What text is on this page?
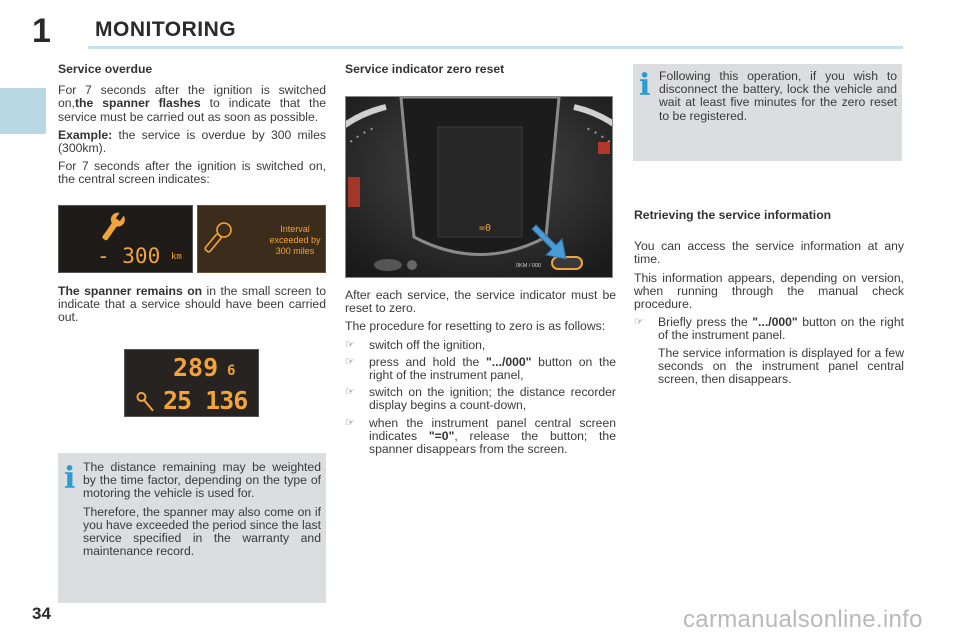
1 MONITORING

Service overdue

For 7 seconds after the ignition is switched on,the spanner flashes to indicate that the service must be carried out as soon as possible.

Example: the service is overdue by 300 miles (300km).

For 7 seconds after the ignition is switched on, the central screen indicates:

- 300 km
Interval
exceeded by
300 miles

The spanner remains on in the small screen to indicate that a service should have been carried out.

289 6
25 136
i The distance remaining may be weighted by the time factor, depending on the type of motoring the vehicle is used for.

Therefore, the spanner may also come on if you have exceeded the period since the last service specified in the warranty and maintenance record.

Service indicator zero reset

=0
0KM / 000

After each service, the service indicator must be reset to zero.

The procedure for resetting to zero is as follows:

☞ switch off the ignition,
☞ press and hold the ".../000" button on the right of the instrument panel,
☞ switch on the ignition; the distance recorder display begins a count-down,
☞ when the instrument panel central screen indicates "=0", release the button; the spanner disappears from the screen.
i Following this operation, if you wish to disconnect the battery, lock the vehicle and wait at least five minutes for the zero reset to be registered.

Retrieving the service information

You can access the service information at any time.

This information appears, depending on version, when running through the manual check procedure.

☞ Briefly press the ".../000" button on the right of the instrument panel.

The service information is displayed for a few seconds on the instrument panel central screen, then disappears.

34	carmanualsonline.info
